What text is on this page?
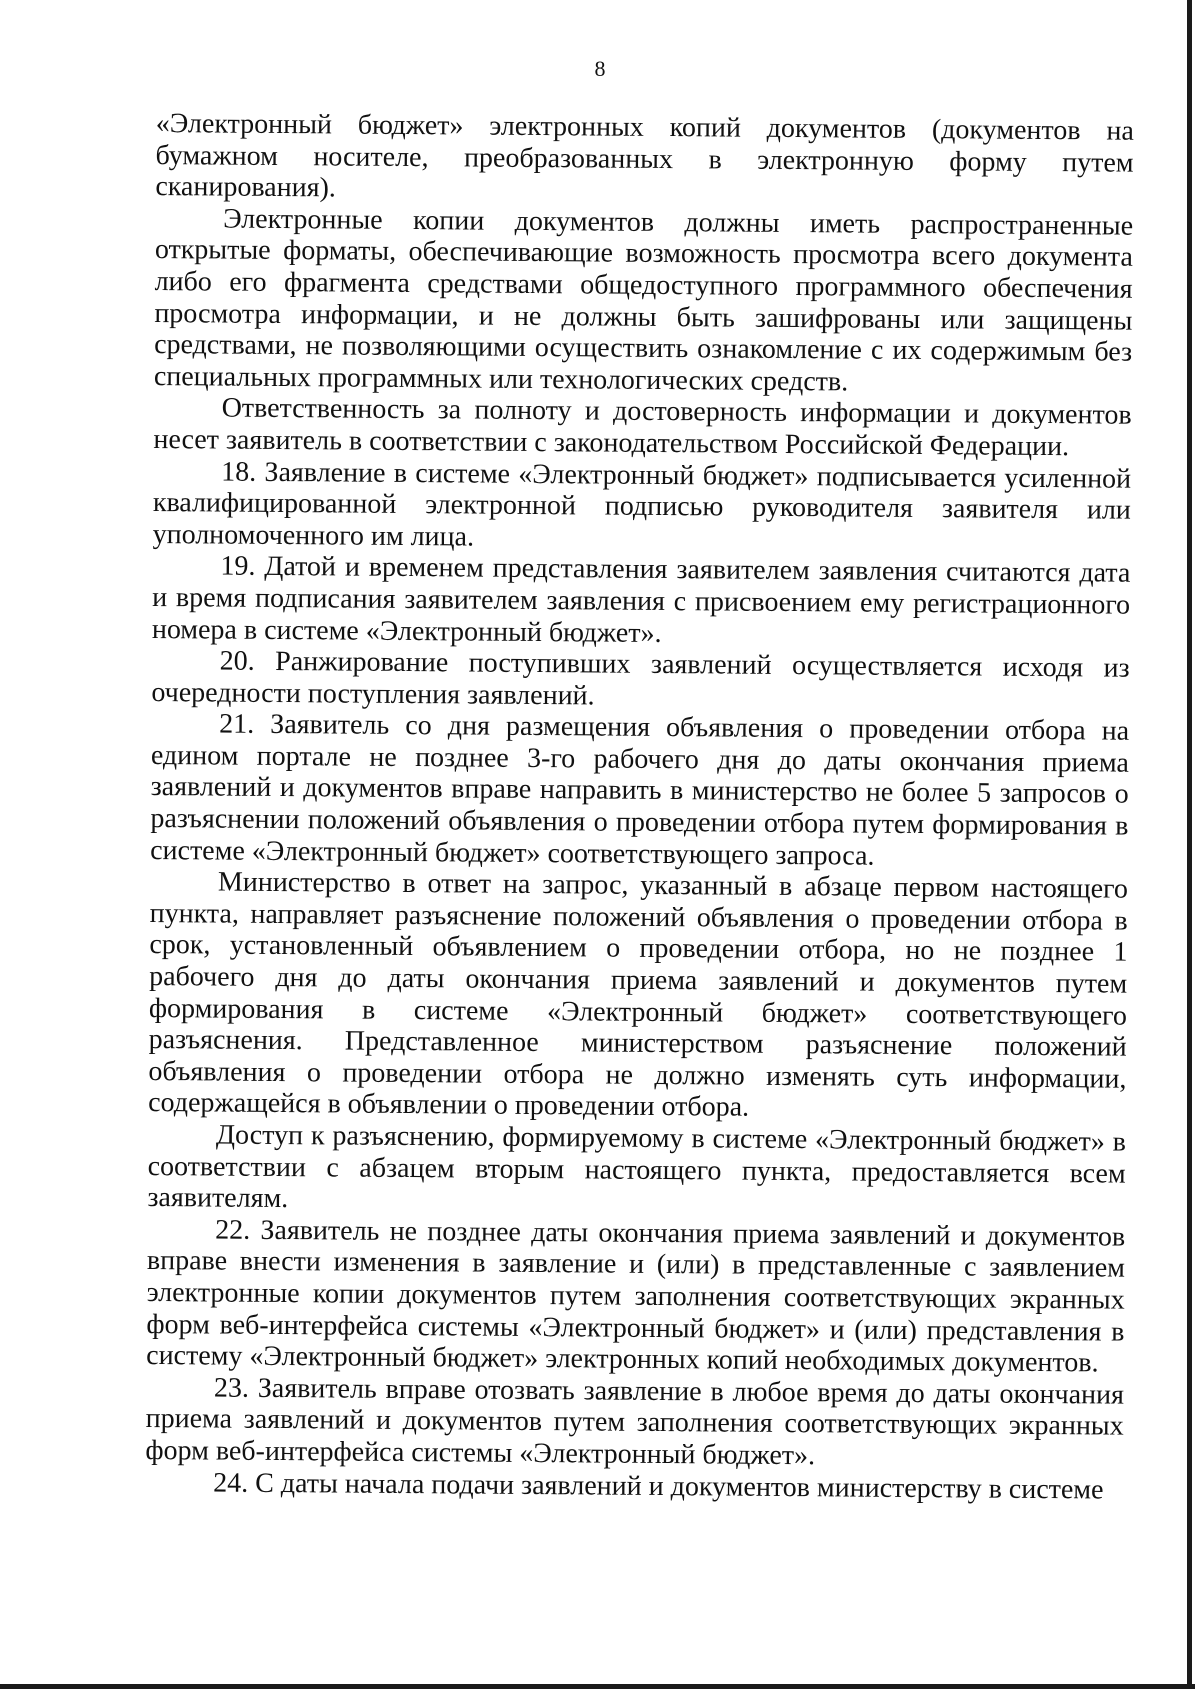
8

«Электронный бюджет» электронных копий документов (документов на бумажном носителе, преобразованных в электронную форму путем сканирования).

Электронные копии документов должны иметь распространенные открытые форматы, обеспечивающие возможность просмотра всего документа либо его фрагмента средствами общедоступного программного обеспечения просмотра информации, и не должны быть зашифрованы или защищены средствами, не позволяющими осуществить ознакомление с их содержимым без специальных программных или технологических средств.

Ответственность за полноту и достоверность информации и документов несет заявитель в соответствии с законодательством Российской Федерации.

18. Заявление в системе «Электронный бюджет» подписывается усиленной квалифицированной электронной подписью руководителя заявителя или уполномоченного им лица.

19. Датой и временем представления заявителем заявления считаются дата и время подписания заявителем заявления с присвоением ему регистрационного номера в системе «Электронный бюджет».

20. Ранжирование поступивших заявлений осуществляется исходя из очередности поступления заявлений.

21. Заявитель со дня размещения объявления о проведении отбора на едином портале не позднее 3-го рабочего дня до даты окончания приема заявлений и документов вправе направить в министерство не более 5 запросов о разъяснении положений объявления о проведении отбора путем формирования в системе «Электронный бюджет» соответствующего запроса.

Министерство в ответ на запрос, указанный в абзаце первом настоящего пункта, направляет разъяснение положений объявления о проведении отбора в срок, установленный объявлением о проведении отбора, но не позднее 1 рабочего дня до даты окончания приема заявлений и документов путем формирования в системе «Электронный бюджет» соответствующего разъяснения. Представленное министерством разъяснение положений объявления о проведении отбора не должно изменять суть информации, содержащейся в объявлении о проведении отбора.

Доступ к разъяснению, формируемому в системе «Электронный бюджет» в соответствии с абзацем вторым настоящего пункта, предоставляется всем заявителям.

22. Заявитель не позднее даты окончания приема заявлений и документов вправе внести изменения в заявление и (или) в представленные с заявлением электронные копии документов путем заполнения соответствующих экранных форм веб-интерфейса системы «Электронный бюджет» и (или) представления в систему «Электронный бюджет» электронных копий необходимых документов.

23. Заявитель вправе отозвать заявление в любое время до даты окончания приема заявлений и документов путем заполнения соответствующих экранных форм веб-интерфейса системы «Электронный бюджет».

24. С даты начала подачи заявлений и документов министерству в системе
